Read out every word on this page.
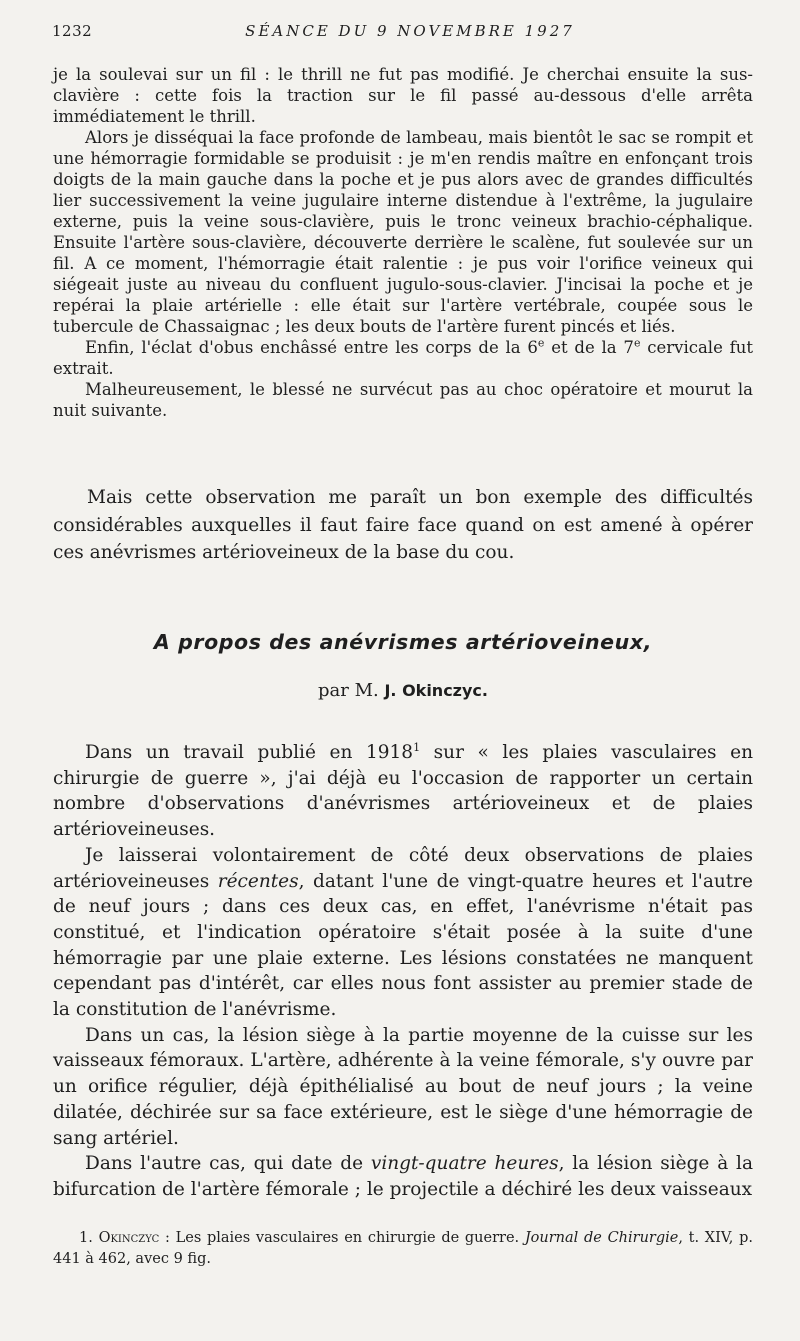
1232	SÉANCE DU 9 NOVEMBRE 1927

je la soulevai sur un fil : le thrill ne fut pas modifié. Je cherchai ensuite la sus-clavière : cette fois la traction sur le fil passé au-dessous d'elle arrêta immédiatement le thrill.

Alors je disséquai la face profonde de lambeau, mais bientôt le sac se rompit et une hémorragie formidable se produisit : je m'en rendis maître en enfonçant trois doigts de la main gauche dans la poche et je pus alors avec de grandes difficultés lier successivement la veine jugulaire interne distendue à l'extrême, la jugulaire externe, puis la veine sous-clavière, puis le tronc veineux brachio-céphalique. Ensuite l'artère sous-clavière, découverte derrière le scalène, fut soulevée sur un fil. A ce moment, l'hémorragie était ralentie : je pus voir l'orifice veineux qui siégeait juste au niveau du confluent jugulo-sous-clavier. J'incisai la poche et je repérai la plaie artérielle : elle était sur l'artère vertébrale, coupée sous le tubercule de Chassaignac ; les deux bouts de l'artère furent pincés et liés.

Enfin, l'éclat d'obus enchâssé entre les corps de la 6e et de la 7e cervicale fut extrait.

Malheureusement, le blessé ne survécut pas au choc opératoire et mourut la nuit suivante.

Mais cette observation me paraît un bon exemple des difficultés considérables auxquelles il faut faire face quand on est amené à opérer ces anévrismes artérioveineux de la base du cou.

A propos des anévrismes artérioveineux,
par M. J. Okinczyc.

Dans un travail publié en 1918$^1$ sur « les plaies vasculaires en chirurgie de guerre », j'ai déjà eu l'occasion de rapporter un certain nombre d'observations d'anévrismes artérioveineux et de plaies artérioveineuses.

Je laisserai volontairement de côté deux observations de plaies artérioveineuses récentes, datant l'une de vingt-quatre heures et l'autre de neuf jours ; dans ces deux cas, en effet, l'anévrisme n'était pas constitué, et l'indication opératoire s'était posée à la suite d'une hémorragie par une plaie externe. Les lésions constatées ne manquent cependant pas d'intérêt, car elles nous font assister au premier stade de la constitution de l'anévrisme.

Dans un cas, la lésion siège à la partie moyenne de la cuisse sur les vaisseaux fémoraux. L'artère, adhérente à la veine fémorale, s'y ouvre par un orifice régulier, déjà épithélialisé au bout de neuf jours ; la veine dilatée, déchirée sur sa face extérieure, est le siège d'une hémorragie de sang artériel.

Dans l'autre cas, qui date de vingt-quatre heures, la lésion siège à la bifurcation de l'artère fémorale ; le projectile a déchiré les deux vaisseaux

1. Okinczyc : Les plaies vasculaires en chirurgie de guerre. Journal de Chirurgie, t. XIV, p. 441 à 462, avec 9 fig.
